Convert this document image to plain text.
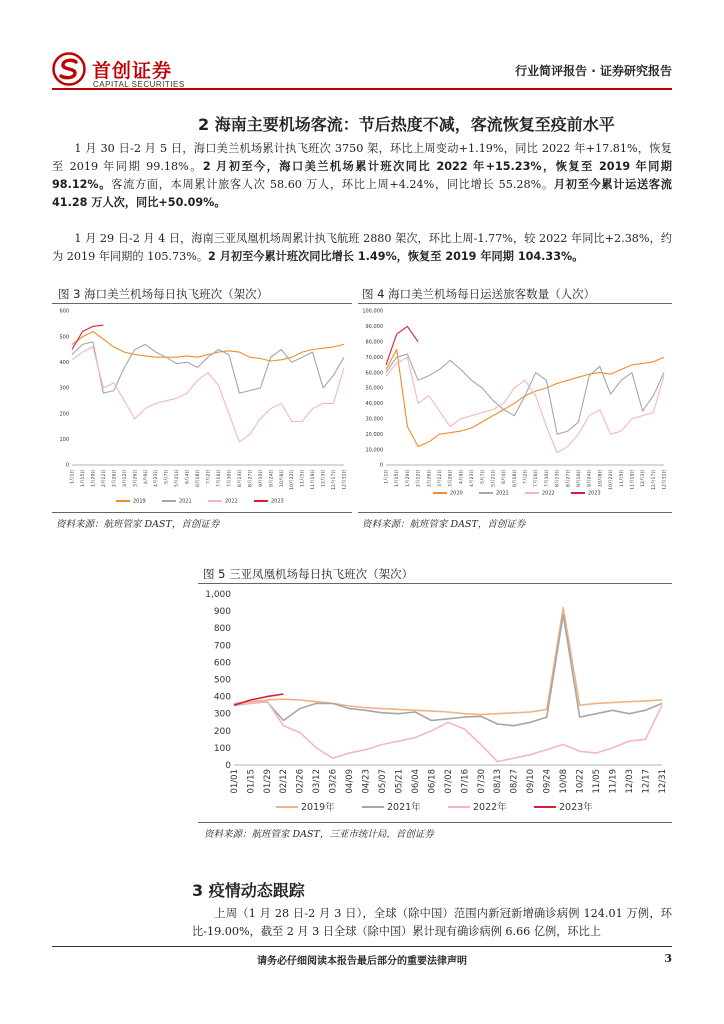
首创证券
CAPITAL SECURITIES
行业简评报告 · 证券研究报告
2 海南主要机场客流：节后热度不减，客流恢复至疫前水平
1 月 30 日-2 月 5 日，海口美兰机场累计执飞班次 3750 架，环比上周变动+1.19%，同比 2022 年+17.81%，恢复至 2019 年同期 99.18%。2 月初至今，海口美兰机场累计班次同比 2022 年+15.23%，恢复至 2019 年同期 98.12%。客流方面，本周累计旅客人次 58.60 万人，环比上周+4.24%，同比增长 55.28%。月初至今累计运送客流 41.28 万人次，同比+50.09%。
1 月 29 日-2 月 4 日，海南三亚凤凰机场周累计执飞航班 2880 架次，环比上周-1.77%，较 2022 年同比+2.38%，约为 2019 年同期的 105.73%。2 月初至今累计班次同比增长 1.49%，恢复至 2019 年同期 104.33%。
图 3 海口美兰机场每日执飞班次（架次）
0
100
200
300
400
500
600
1月1日	1月15日	1月29日	2月12日	2月26日	3月12日	3月26日	4月9日	4月23日	5月7日	5月21日	6月4日	6月18日	7月2日	7月16日	7月30日	8月13日	8月27日	9月10日	9月24日	10月8日	10月22日	11月5日	11月19日	12月3日	12月17日	12月31日
2019	2021	2022	2023
资料来源：航班管家 DAST，首创证券
图 4 海口美兰机场每日运送旅客数量（人次）
0
10,000
20,000
30,000
40,000
50,000
60,000
70,000
80,000
90,000
100,000
1月1日	1月15日	1月29日	2月12日	2月26日	3月12日	3月26日	4月9日	4月23日	5月7日	5月21日	6月4日	6月18日	7月2日	7月16日	7月30日	8月13日	8月27日	9月10日	9月24日	10月8日	10月22日	11月5日	11月19日	12月3日	12月17日	12月31日
2020	2021	2022	2023
资料来源：航班管家 DAST，首创证券
图 5 三亚凤凰机场每日执飞班次（架次）
0
100
200
300
400
500
600
700
800
900
1,000
01/01 01/15 01/29 02/12 02/26 03/12 03/26 04/09 04/23 05/07 05/21 06/04 06/18 07/02 07/16 07/30 08/13 08/27 09/10 09/24 10/08 10/22 11/05 11/19 12/03 12/17 12/31
2019年	2021年	2022年	2023年
资料来源：航班管家 DAST，三亚市统计局，首创证券
3 疫情动态跟踪
上周（1 月 28 日-2 月 3 日），全球（除中国）范围内新冠新增确诊病例 124.01 万例，环比-19.00%，截至 2 月 3 日全球（除中国）累计现有确诊病例 6.66 亿例，环比上
请务必仔细阅读本报告最后部分的重要法律声明	3
